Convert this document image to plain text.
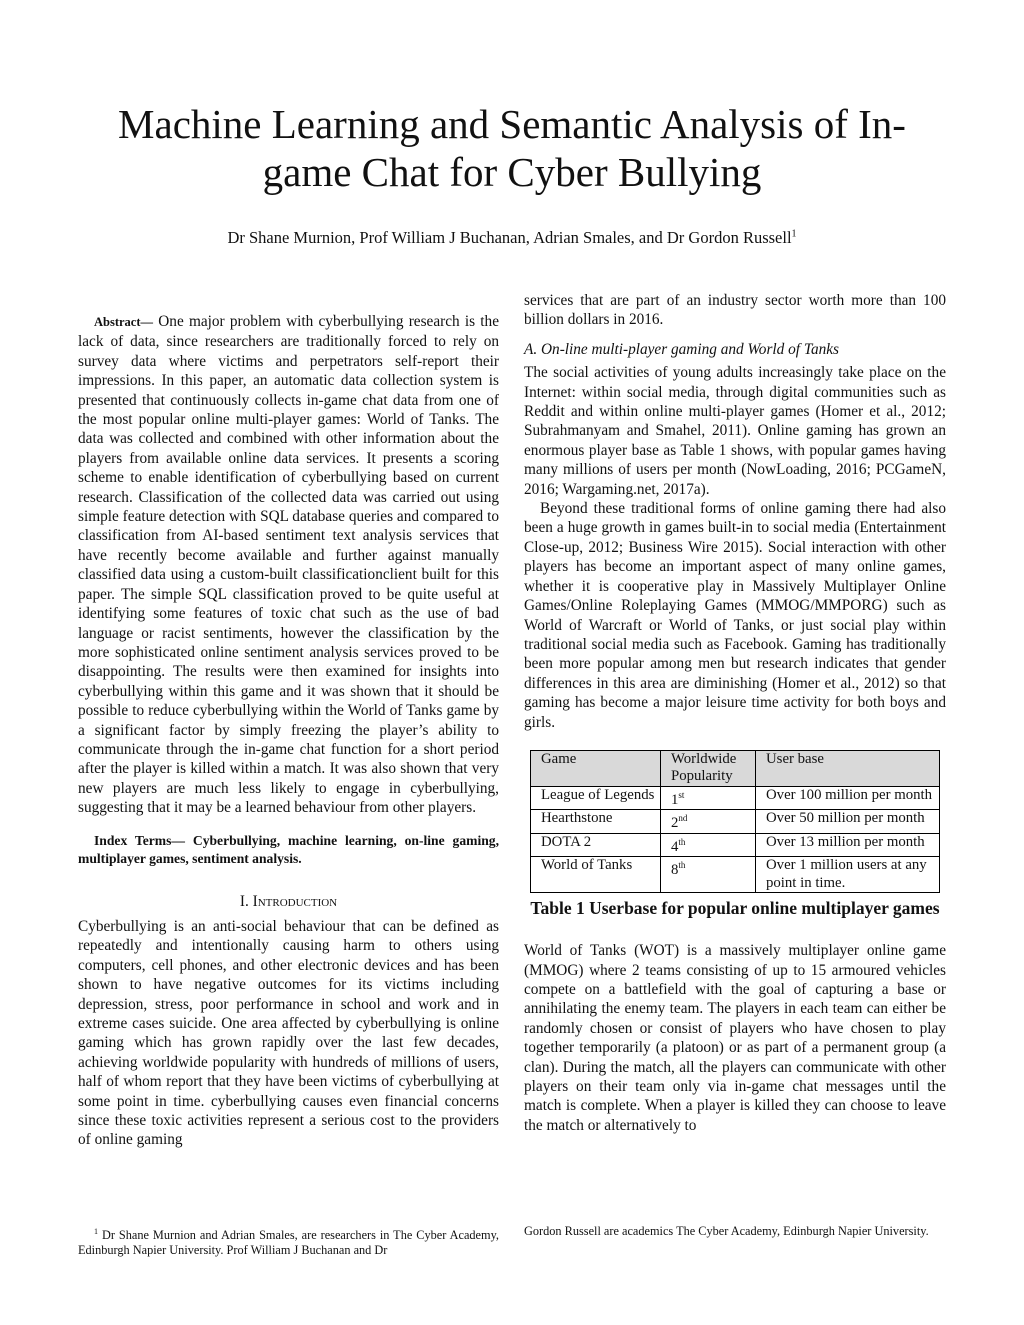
Machine Learning and Semantic Analysis of In-game Chat for Cyber Bullying

Dr Shane Murnion, Prof William J Buchanan, Adrian Smales, and Dr Gordon Russell$^1$

Abstract— One major problem with cyberbullying research is the lack of data, since researchers are traditionally forced to rely on survey data where victims and perpetrators self-report their impressions. In this paper, an automatic data collection system is presented that continuously collects in-game chat data from one of the most popular online multi-player games: World of Tanks. The data was collected and combined with other information about the players from available online data services. It presents a scoring scheme to enable identification of cyberbullying based on current research. Classification of the collected data was carried out using simple feature detection with SQL database queries and compared to classification from AI-based sentiment text analysis services that have recently become available and further against manually classified data using a custom-built classificationclient built for this paper. The simple SQL classification proved to be quite useful at identifying some features of toxic chat such as the use of bad language or racist sentiments, however the classification by the more sophisticated online sentiment analysis services proved to be disappointing. The results were then examined for insights into cyberbullying within this game and it was shown that it should be possible to reduce cyberbullying within the World of Tanks game by a significant factor by simply freezing the player’s ability to communicate through the in-game chat function for a short period after the player is killed within a match. It was also shown that very new players are much less likely to engage in cyberbullying, suggesting that it may be a learned behaviour from other players.

Index Terms— Cyberbullying, machine learning, on-line gaming, multiplayer games, sentiment analysis.

I. Introduction

Cyberbullying is an anti-social behaviour that can be defined as repeatedly and intentionally causing harm to others using computers, cell phones, and other electronic devices and has been shown to have negative outcomes for its victims including depression, stress, poor performance in school and work and in extreme cases suicide. One area affected by cyberbullying is online gaming which has grown rapidly over the last few decades, achieving worldwide popularity with hundreds of millions of users, half of whom report that they have been victims of cyberbullying at some point in time. cyberbullying causes even financial concerns since these toxic activities represent a serious cost to the providers of online gaming

services that are part of an industry sector worth more than 100 billion dollars in 2016.

A. On-line multi-player gaming and World of Tanks

The social activities of young adults increasingly take place on the Internet: within social media, through digital communities such as Reddit and within online multi-player games (Homer et al., 2012; Subrahmanyam and Smahel, 2011). Online gaming has grown an enormous player base as Table 1 shows, with popular games having many millions of users per month (NowLoading, 2016; PCGameN, 2016; Wargaming.net, 2017a).

Beyond these traditional forms of online gaming there had also been a huge growth in games built-in to social media (Entertainment Close-up, 2012; Business Wire 2015). Social interaction with other players has become an important aspect of many online games, whether it is cooperative play in Massively Multiplayer Online Games/Online Roleplaying Games (MMOG/MMPORG) such as World of Warcraft or World of Tanks, or just social play within traditional social media such as Facebook. Gaming has traditionally been more popular among men but research indicates that gender differences in this area are diminishing (Homer et al., 2012) so that gaming has become a major leisure time activity for both boys and girls.

Game	Worldwide Popularity	User base
League of Legends	1st	Over 100 million per month
Hearthstone	2nd	Over 50 million per month
DOTA 2	4th	Over 13 million per month
World of Tanks	8th	Over 1 million users at any point in time.

Table 1 Userbase for popular online multiplayer games

World of Tanks (WOT) is a massively multiplayer online game (MMOG) where 2 teams consisting of up to 15 armoured vehicles compete on a battlefield with the goal of capturing a base or annihilating the enemy team. The players in each team can either be randomly chosen or consist of players who have chosen to play together temporarily (a platoon) or as part of a permanent group (a clan). During the match, all the players can communicate with other players on their team only via in-game chat messages until the match is complete. When a player is killed they can choose to leave the match or alternatively to

$^1$ Dr Shane Murnion and Adrian Smales, are researchers in The Cyber Academy, Edinburgh Napier University. Prof William J Buchanan and Dr

Gordon Russell are academics The Cyber Academy, Edinburgh Napier University.
